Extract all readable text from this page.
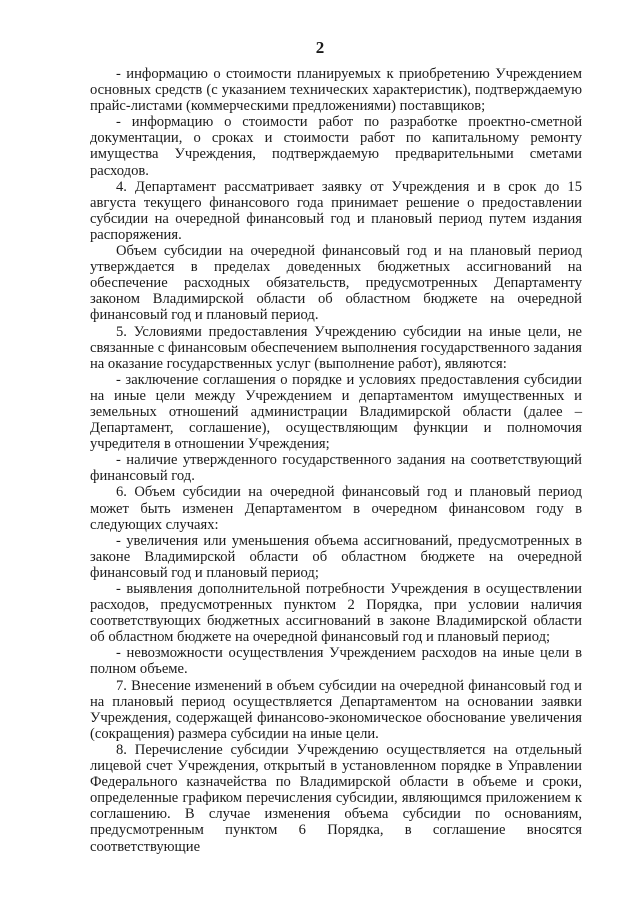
2

- информацию о стоимости планируемых к приобретению Учреждением основных средств (с указанием технических характеристик), подтверждаемую прайс-листами (коммерческими предложениями) поставщиков;

- информацию о стоимости работ по разработке проектно-сметной документации, о сроках и стоимости работ по капитальному ремонту имущества Учреждения, подтверждаемую предварительными сметами расходов.

4. Департамент рассматривает заявку от Учреждения и в срок до 15 августа текущего финансового года принимает решение о предоставлении субсидии на очередной финансовый год и плановый период путем издания распоряжения.

Объем субсидии на очередной финансовый год и на плановый период утверждается в пределах доведенных бюджетных ассигнований на обеспечение расходных обязательств, предусмотренных Департаменту законом Владимирской области об областном бюджете на очередной финансовый год и плановый период.

5. Условиями предоставления Учреждению субсидии на иные цели, не связанные с финансовым обеспечением выполнения государственного задания на оказание государственных услуг (выполнение работ), являются:

- заключение соглашения о порядке и условиях предоставления субсидии на иные цели между Учреждением и департаментом имущественных и земельных отношений администрации Владимирской области (далее – Департамент, соглашение), осуществляющим функции и полномочия учредителя в отношении Учреждения;

- наличие утвержденного государственного задания на соответствующий финансовый год.

6. Объем субсидии на очередной финансовый год и плановый период может быть изменен Департаментом в очередном финансовом году в следующих случаях:

- увеличения или уменьшения объема ассигнований, предусмотренных в законе Владимирской области об областном бюджете на очередной финансовый год и плановый период;

- выявления дополнительной потребности Учреждения в осуществлении расходов, предусмотренных пунктом 2 Порядка, при условии наличия соответствующих бюджетных ассигнований в законе Владимирской области об областном бюджете на очередной финансовый год и плановый период;

- невозможности осуществления Учреждением расходов на иные цели в полном объеме.

7. Внесение изменений в объем субсидии на очередной финансовый год и на плановый период осуществляется Департаментом на основании заявки Учреждения, содержащей финансово-экономическое обоснование увеличения (сокращения) размера субсидии на иные цели.

8. Перечисление субсидии Учреждению осуществляется на отдельный лицевой счет Учреждения, открытый в установленном порядке в Управлении Федерального казначейства по Владимирской области в объеме и сроки, определенные графиком перечисления субсидии, являющимся приложением к соглашению. В случае изменения объема субсидии по основаниям, предусмотренным пунктом 6 Порядка, в соглашение вносятся соответствующие
